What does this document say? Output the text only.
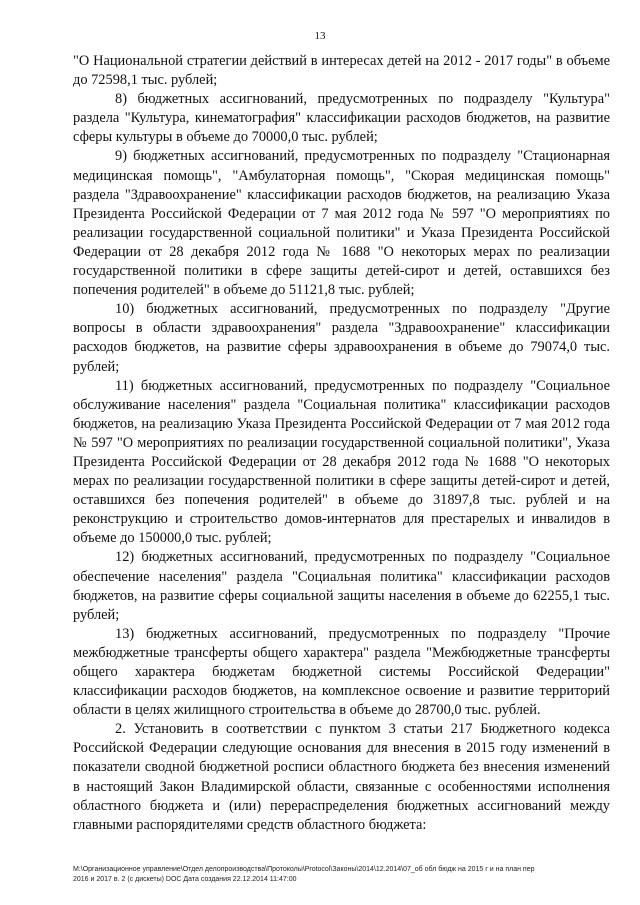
13

"О Национальной стратегии действий в интересах детей на 2012 - 2017 годы" в объеме до 72598,1 тыс. рублей;

8) бюджетных ассигнований, предусмотренных по подразделу "Культура" раздела "Культура, кинематография" классификации расходов бюджетов, на развитие сферы культуры в объеме до 70000,0 тыс. рублей;

9) бюджетных ассигнований, предусмотренных по подразделу "Стационарная медицинская помощь", "Амбулаторная помощь", "Скорая медицинская помощь" раздела "Здравоохранение" классификации расходов бюджетов, на реализацию Указа Президента Российской Федерации от 7 мая 2012 года № 597 "О мероприятиях по реализации государственной социальной политики" и Указа Президента Российской Федерации от 28 декабря 2012 года № 1688 "О некоторых мерах по реализации государственной политики в сфере защиты детей-сирот и детей, оставшихся без попечения родителей" в объеме до 51121,8 тыс. рублей;

10) бюджетных ассигнований, предусмотренных по подразделу "Другие вопросы в области здравоохранения" раздела "Здравоохранение" классификации расходов бюджетов, на развитие сферы здравоохранения в объеме до 79074,0 тыс. рублей;

11) бюджетных ассигнований, предусмотренных по подразделу "Социальное обслуживание населения" раздела "Социальная политика" классификации расходов бюджетов, на реализацию Указа Президента Российской Федерации от 7 мая 2012 года № 597 "О мероприятиях по реализации государственной социальной политики", Указа Президента Российской Федерации от 28 декабря 2012 года № 1688 "О некоторых мерах по реализации государственной политики в сфере защиты детей-сирот и детей, оставшихся без попечения родителей" в объеме до 31897,8 тыс. рублей и на реконструкцию и строительство домов-интернатов для престарелых и инвалидов в объеме до 150000,0 тыс. рублей;

12) бюджетных ассигнований, предусмотренных по подразделу "Социальное обеспечение населения" раздела "Социальная политика" классификации расходов бюджетов, на развитие сферы социальной защиты населения в объеме до 62255,1 тыс. рублей;

13) бюджетных ассигнований, предусмотренных по подразделу "Прочие межбюджетные трансферты общего характера" раздела "Межбюджетные трансферты общего характера бюджетам бюджетной системы Российской Федерации" классификации расходов бюджетов, на комплексное освоение и развитие территорий области в целях жилищного строительства в объеме до 28700,0 тыс. рублей.

2. Установить в соответствии с пунктом 3 статьи 217 Бюджетного кодекса Российской Федерации следующие основания для внесения в 2015 году изменений в показатели сводной бюджетной росписи областного бюджета без внесения изменений в настоящий Закон Владимирской области, связанные с особенностями исполнения областного бюджета и (или) перераспределения бюджетных ассигнований между главными распорядителями средств областного бюджета:

М:\Организационное управление\Отдел делопроизводства\Протоколы\Protocol\Законы\2014\12.2014\07_об обл бюдж на 2015 г и на план пер
2016 и 2017 в. 2 (с дискеты) DOC Дата создания 22.12.2014 11:47:00
